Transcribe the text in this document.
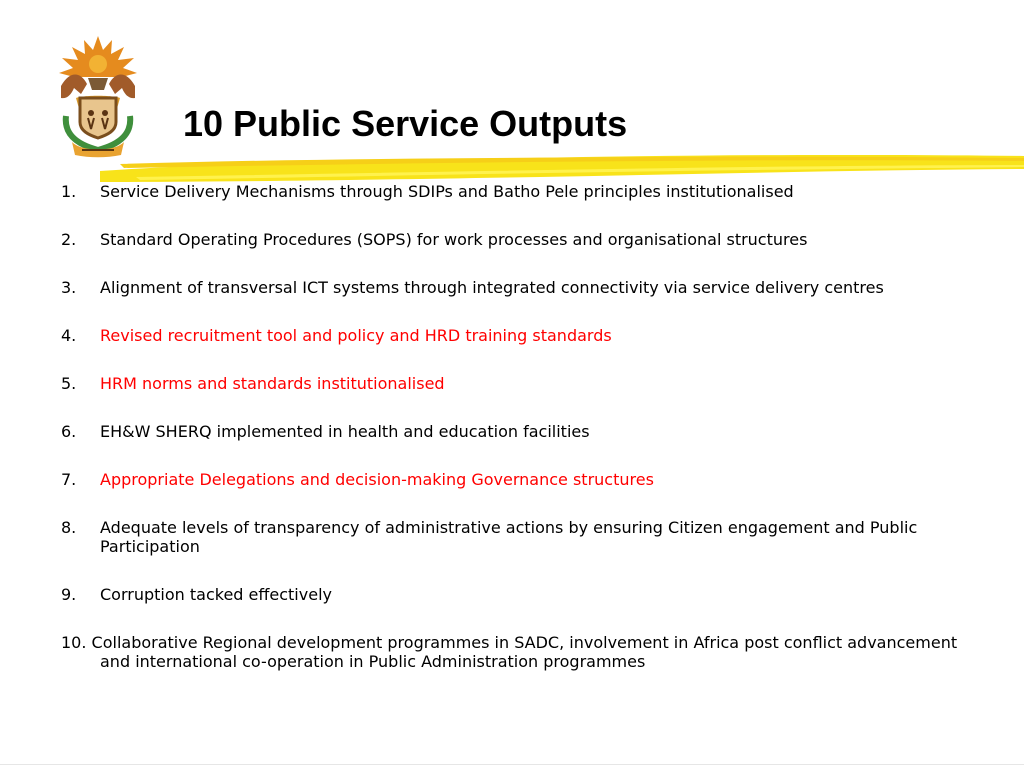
10 Public Service Outputs
1. Service Delivery Mechanisms through SDIPs and Batho Pele principles institutionalised
2. Standard Operating Procedures (SOPS) for work processes and organisational structures
3. Alignment of transversal ICT systems through integrated connectivity via service delivery centres
4. Revised recruitment tool and policy and HRD training standards
5. HRM norms and standards institutionalised
6. EH&W SHERQ implemented in health and education facilities
7. Appropriate Delegations and decision-making Governance structures
8. Adequate levels of transparency of administrative actions by ensuring Citizen engagement and Public Participation
9. Corruption tacked effectively
10. Collaborative Regional development programmes in SADC, involvement in Africa post conflict advancement and international co-operation in Public Administration programmes
